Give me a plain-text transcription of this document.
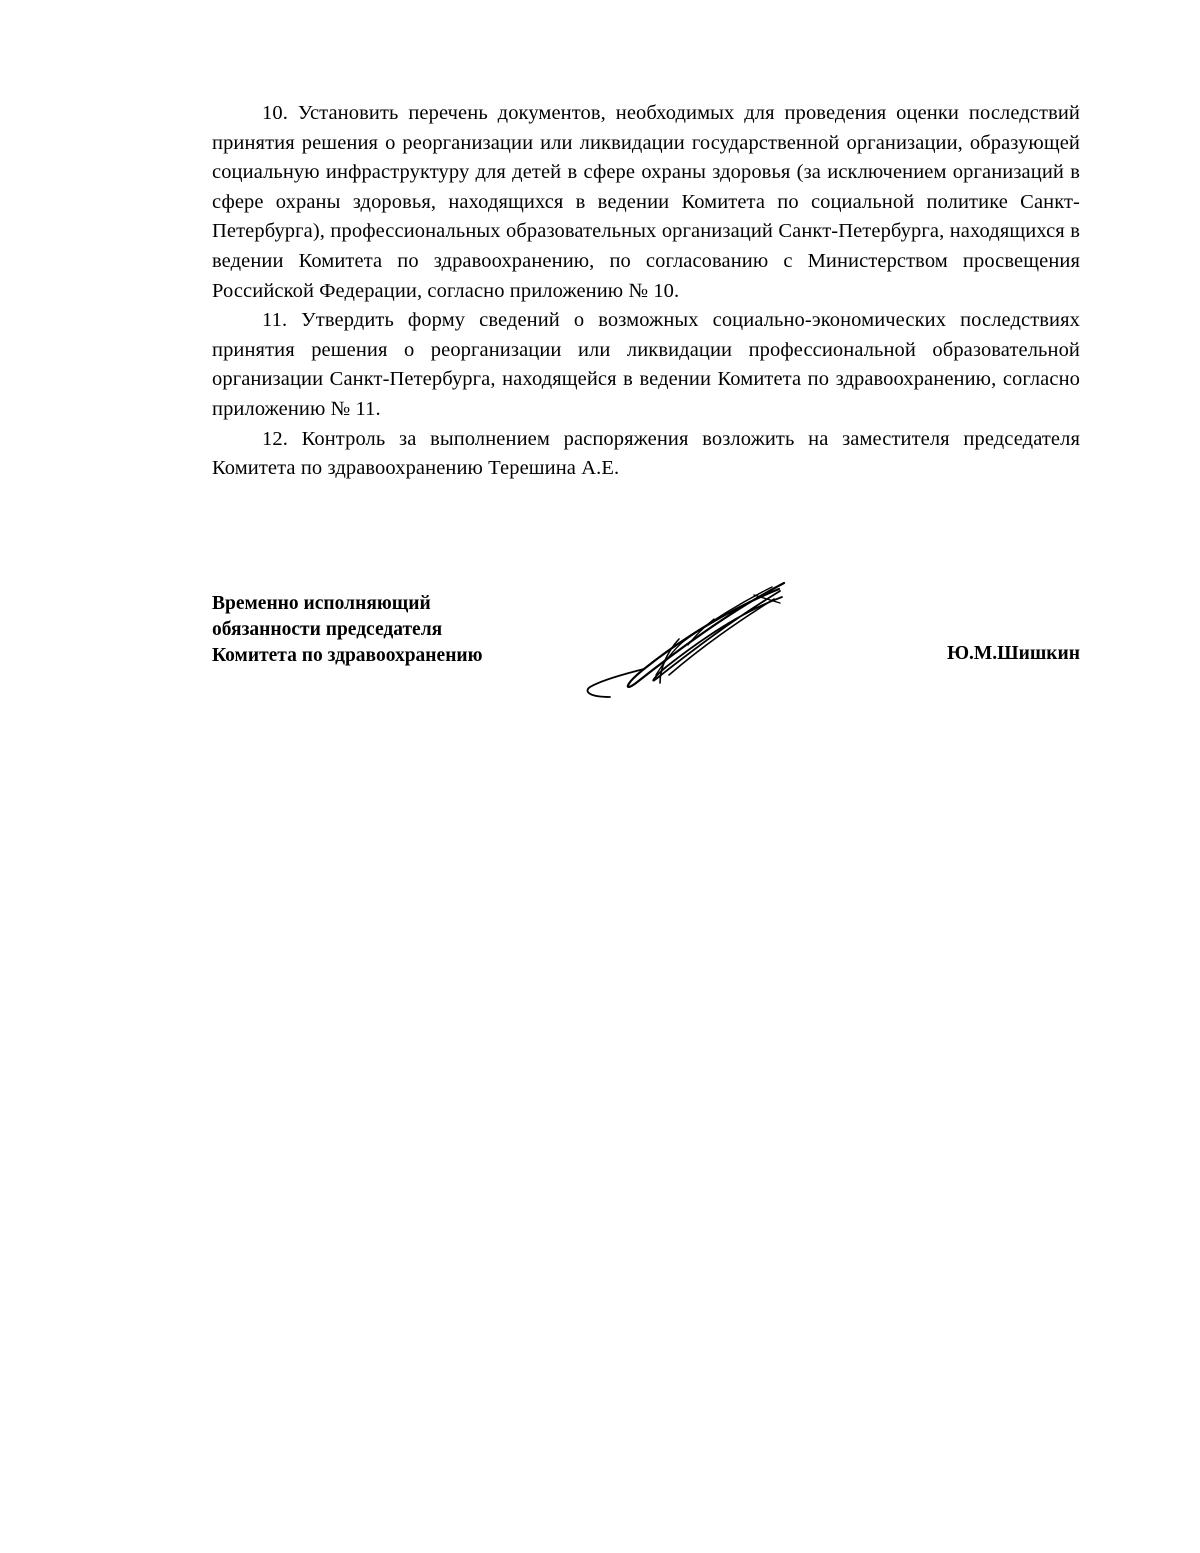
10. Установить перечень документов, необходимых для проведения оценки последствий принятия решения о реорганизации или ликвидации государственной организации, образующей социальную инфраструктуру для детей в сфере охраны здоровья (за исключением организаций в сфере охраны здоровья, находящихся в ведении Комитета по социальной политике Санкт-Петербурга), профессиональных образовательных организаций Санкт-Петербурга, находящихся в ведении Комитета по здравоохранению, по согласованию с Министерством просвещения Российской Федерации, согласно приложению № 10.

11. Утвердить форму сведений о возможных социально-экономических последствиях принятия решения о реорганизации или ликвидации профессиональной образовательной организации Санкт-Петербурга, находящейся в ведении Комитета по здравоохранению, согласно приложению № 11.

12. Контроль за выполнением распоряжения возложить на заместителя председателя Комитета по здравоохранению Терешина А.Е.

Временно исполняющий
обязанности председателя
Комитета по здравоохранению	Ю.М.Шишкин
